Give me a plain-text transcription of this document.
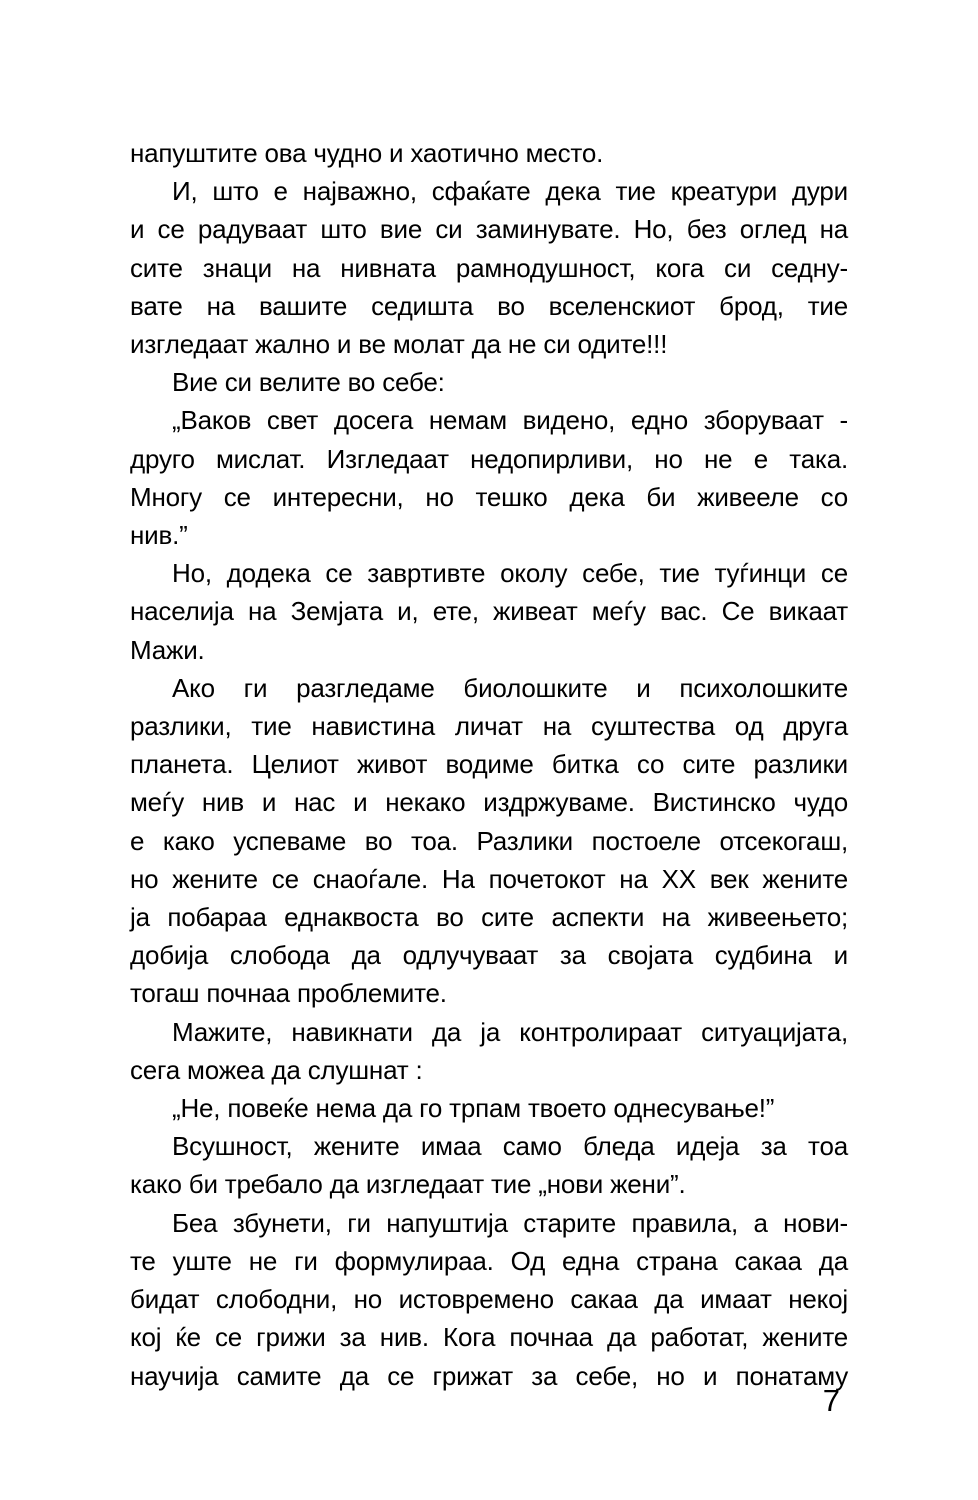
напуштите ова чудно и хаотично место.

И, што е најважно, сфаќате дека тие креатури дури
и се радуваат што вие си заминувате. Но, без оглед на
сите знаци на нивната рамнодушност, кога си седну-
вате на вашите седишта во вселенскиот брод, тие
изгледаат жално и ве молат да не си одите!!!

Вие си велите во себе:

„Ваков свет досега немам видено, едно зборуваат -
друго мислат. Изгледаат недопирливи, но не е така.
Многу се интересни, но тешко дека би живееле со
нив.”

Но, додека се завртивте околу себе, тие туѓинци се
населија на Земјата и, ете, живеат меѓу вас. Се викаат
Мажи.

Ако ги разгледаме биолошките и психолошките
разлики, тие навистина личат на суштества од друга
планета. Целиот живот водиме битка со сите разлики
меѓу нив и нас и некако издржуваме. Вистинско чудо
е како успеваме во тоа. Разлики постоеле отсекогаш,
но жените се снаоѓале. На почетокот на XX век жените
ја побараа еднаквоста во сите аспекти на живеењето;
добија слобода да одлучуваат за својата судбина и
тогаш почнаа проблемите.

Мажите, навикнати да ја контролираат ситуацијата,
сега можеа да слушнат :

„Не, повеќе нема да го трпам твоето однесување!”

Всушност, жените имаа само бледа идеја за тоа
како би требало да изгледаат тие „нови жени”.

Беа збунети, ги напуштија старите правила, а нови-
те уште не ги формулираа. Од една страна сакаа да
бидат слободни, но истовремено сакаа да имаат некој
кој ќе се грижи за нив. Кога почнаа да работат, жените
научија самите да се грижат за себе, но и понатаму

7
